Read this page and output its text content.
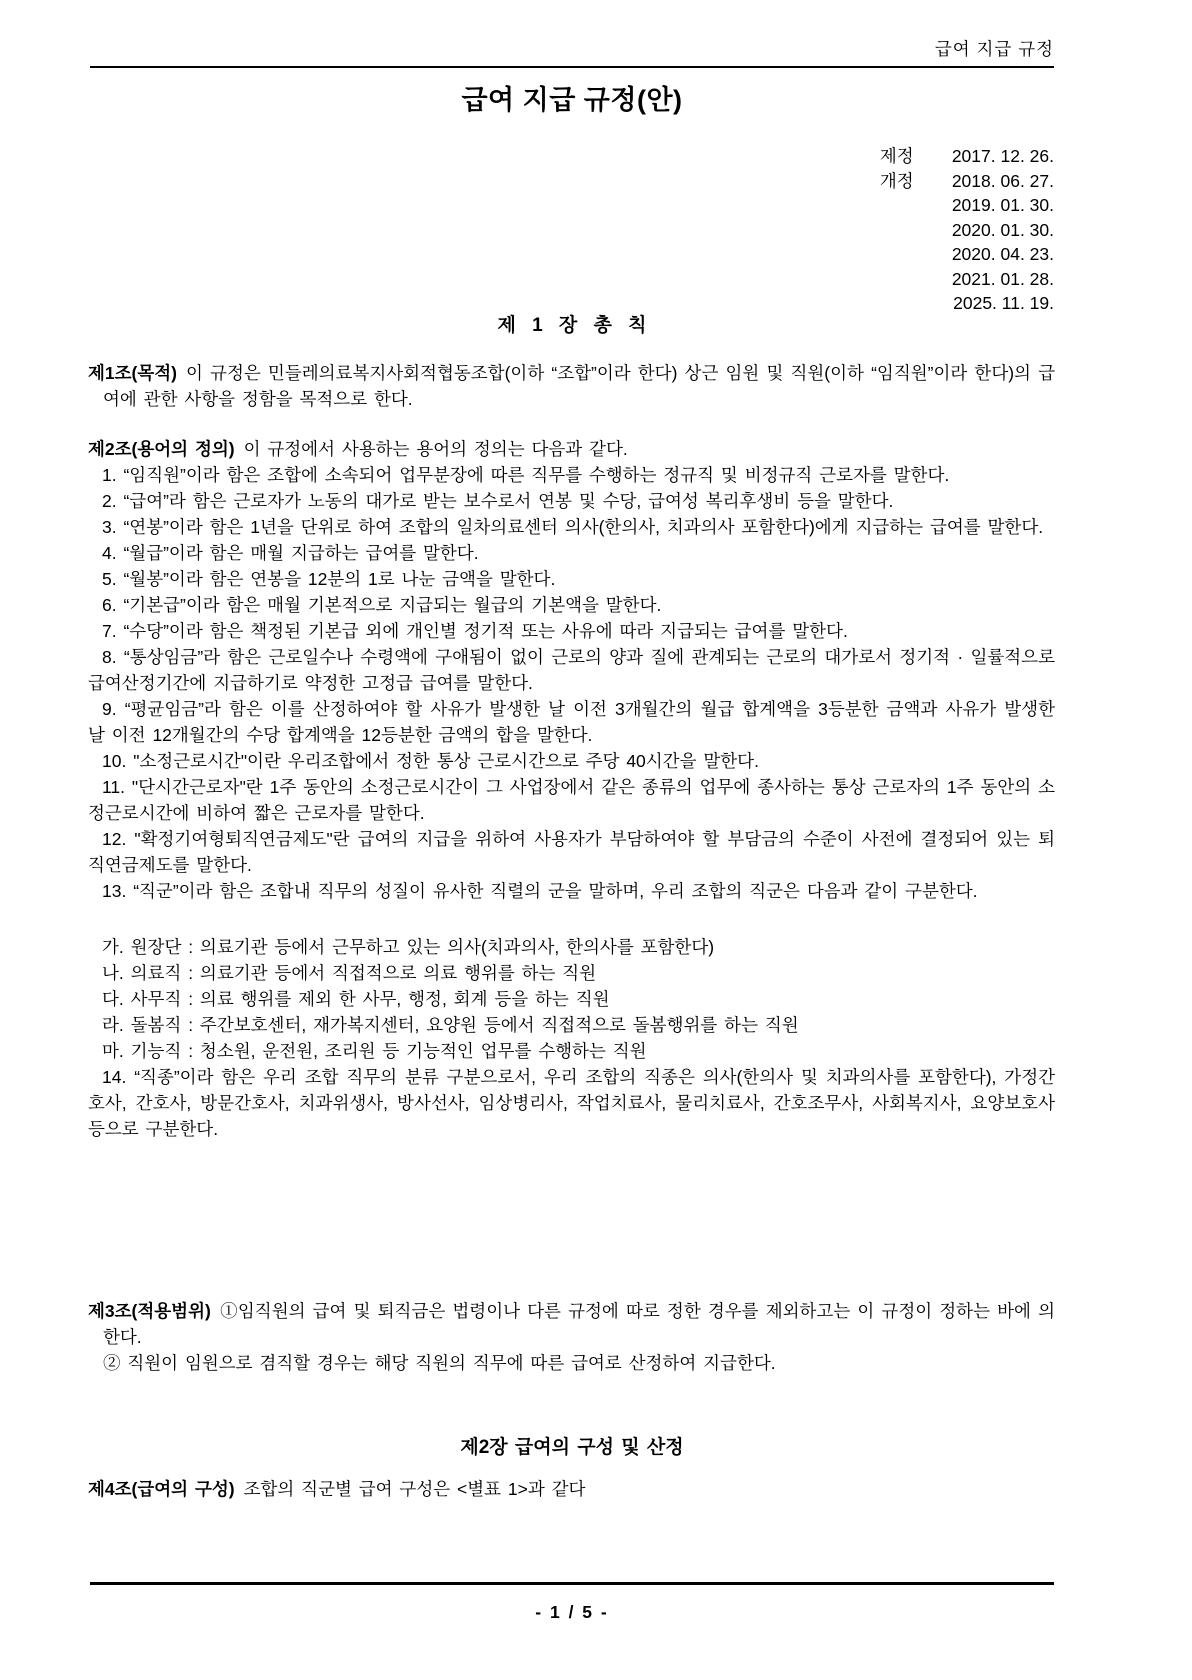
급여 지급 규정
급여 지급 규정(안)
제정	2017. 12. 26.
개정	2018. 06. 27.
2019. 01. 30.
2020. 01. 30.
2020. 04. 23.
2021. 01. 28.
2025. 11. 19.
제 1 장 총 칙

제1조(목적) 이 규정은 민들레의료복지사회적협동조합(이하 “조합”이라 한다) 상근 임원 및 직원(이하 “임직원”이라 한다)의 급여에 관한 사항을 정함을 목적으로 한다.

제2조(용어의 정의) 이 규정에서 사용하는 용어의 정의는 다음과 같다.

1. “임직원”이라 함은 조합에 소속되어 업무분장에 따른 직무를 수행하는 정규직 및 비정규직 근로자를 말한다.

2. “급여”라 함은 근로자가 노동의 대가로 받는 보수로서 연봉 및 수당, 급여성 복리후생비 등을 말한다.

3. “연봉”이라 함은 1년을 단위로 하여 조합의 일차의료센터 의사(한의사, 치과의사 포함한다)에게 지급하는 급여를 말한다.

4. “월급”이라 함은 매월 지급하는 급여를 말한다.

5. “월봉”이라 함은 연봉을 12분의 1로 나눈 금액을 말한다.

6. “기본급”이라 함은 매월 기본적으로 지급되는 월급의 기본액을 말한다.

7. “수당”이라 함은 책정된 기본급 외에 개인별 정기적 또는 사유에 따라 지급되는 급여를 말한다.

8. “통상임금”라 함은 근로일수나 수령액에 구애됨이 없이 근로의 양과 질에 관계되는 근로의 대가로서 정기적 · 일률적으로 급여산정기간에 지급하기로 약정한 고정급 급여를 말한다.

9. “평균임금”라 함은 이를 산정하여야 할 사유가 발생한 날 이전 3개월간의 월급 합계액을 3등분한 금액과 사유가 발생한 날 이전 12개월간의 수당 합계액을 12등분한 금액의 합을 말한다.

10. "소정근로시간"이란 우리조합에서 정한 통상 근로시간으로 주당 40시간을 말한다.

11. "단시간근로자"란 1주 동안의 소정근로시간이 그 사업장에서 같은 종류의 업무에 종사하는 통상 근로자의 1주 동안의 소정근로시간에 비하여 짧은 근로자를 말한다.

12. "확정기여형퇴직연금제도"란 급여의 지급을 위하여 사용자가 부담하여야 할 부담금의 수준이 사전에 결정되어 있는 퇴직연금제도를 말한다.

13. “직군”이라 함은 조합내 직무의 성질이 유사한 직렬의 군을 말하며, 우리 조합의 직군은 다음과 같이 구분한다.

가. 원장단 : 의료기관 등에서 근무하고 있는 의사(치과의사, 한의사를 포함한다)

나. 의료직 : 의료기관 등에서 직접적으로 의료 행위를 하는 직원

다. 사무직 : 의료 행위를 제외 한 사무, 행정, 회계 등을 하는 직원

라. 돌봄직 : 주간보호센터, 재가복지센터, 요양원 등에서 직접적으로 돌봄행위를 하는 직원

마. 기능직 : 청소원, 운전원, 조리원 등 기능적인 업무를 수행하는 직원

14. “직종”이라 함은 우리 조합 직무의 분류 구분으로서, 우리 조합의 직종은 의사(한의사 및 치과의사를 포함한다), 가정간호사, 간호사, 방문간호사, 치과위생사, 방사선사, 임상병리사, 작업치료사, 물리치료사, 간호조무사, 사회복지사, 요양보호사 등으로 구분한다.

제3조(적용범위) ①임직원의 급여 및 퇴직금은 법령이나 다른 규정에 따로 정한 경우를 제외하고는 이 규정이 정하는 바에 의한다.

② 직원이 임원으로 겸직할 경우는 해당 직원의 직무에 따른 급여로 산정하여 지급한다.

제2장 급여의 구성 및 산정

제4조(급여의 구성) 조합의 직군별 급여 구성은 <별표 1>과 같다

- 1 / 5 -
